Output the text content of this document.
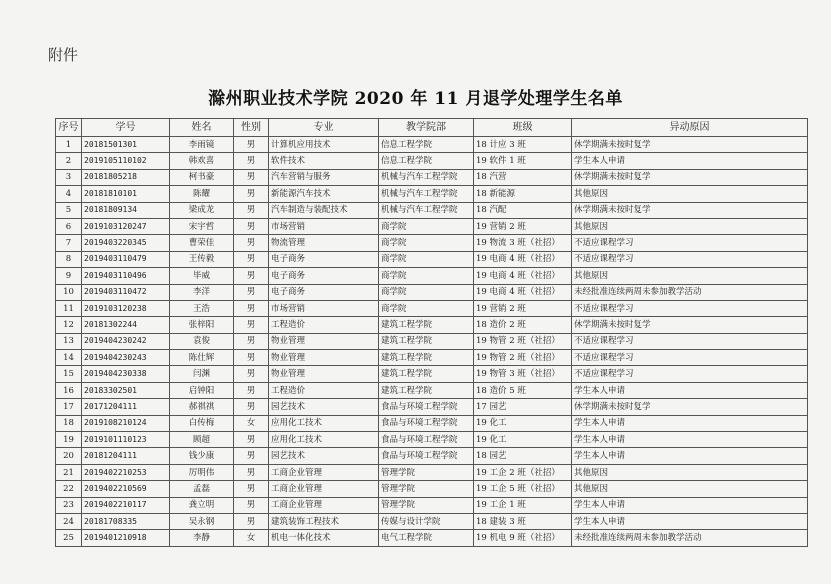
附件
滁州职业技术学院 2020 年 11 月退学处理学生名单
序号	学号	姓名	性别	专业	教学院部	班级	异动原因
1	20181501301	李雨镜	男	计算机应用技术	信息工程学院	18 计应 3 班	休学期满未按时复学
2	2019105110102	韩欢喜	男	软件技术	信息工程学院	19 软件 1 班	学生本人申请
3	20181805218	柯书豪	男	汽车营销与服务	机械与汽车工程学院	18 汽营	休学期满未按时复学
4	20181810101	陈耀	男	新能源汽车技术	机械与汽车工程学院	18 新能源	其他原因
5	20181809134	梁成龙	男	汽车制造与装配技术	机械与汽车工程学院	18 汽配	休学期满未按时复学
6	2019103120247	宋宇哲	男	市场营销	商学院	19 营销 2 班	其他原因
7	2019403220345	曹荣佳	男	物流管理	商学院	19 物流 3 班（社招）	不适应课程学习
8	2019403110479	王传毅	男	电子商务	商学院	19 电商 4 班（社招）	不适应课程学习
9	2019403110496	毕威	男	电子商务	商学院	19 电商 4 班（社招）	其他原因
10	2019403110472	李洋	男	电子商务	商学院	19 电商 4 班（社招）	未经批准连续两周未参加教学活动
11	2019103120238	王浩	男	市场营销	商学院	19 营销 2 班	不适应课程学习
12	20181302244	张梓阳	男	工程造价	建筑工程学院	18 造价 2 班	休学期满未按时复学
13	2019404230242	袁俊	男	物业管理	建筑工程学院	19 物管 2 班（社招）	不适应课程学习
14	2019404230243	陈仕辉	男	物业管理	建筑工程学院	19 物管 2 班（社招）	不适应课程学习
15	2019404230338	闫渊	男	物业管理	建筑工程学院	19 物管 3 班（社招）	不适应课程学习
16	20183302501	启钟阳	男	工程造价	建筑工程学院	18 造价 5 班	学生本人申请
17	20171204111	郝祺祺	男	园艺技术	食品与环境工程学院	17 园艺	休学期满未按时复学
18	2019108210124	白传梅	女	应用化工技术	食品与环境工程学院	19 化工	学生本人申请
19	2019101110123	顾超	男	应用化工技术	食品与环境工程学院	19 化工	学生本人申请
20	20181204111	钱少康	男	园艺技术	食品与环境工程学院	18 园艺	学生本人申请
21	2019402210253	厉明伟	男	工商企业管理	管理学院	19 工企 2 班（社招）	其他原因
22	2019402210569	孟磊	男	工商企业管理	管理学院	19 工企 5 班（社招）	其他原因
23	2019402210117	龚立明	男	工商企业管理	管理学院	19 工企 1 班	学生本人申请
24	20181708335	吴永钢	男	建筑装饰工程技术	传媒与设计学院	18 建装 3 班	学生本人申请
25	2019401210918	李静	女	机电一体化技术	电气工程学院	19 机电 9 班（社招）	未经批准连续两周未参加教学活动
